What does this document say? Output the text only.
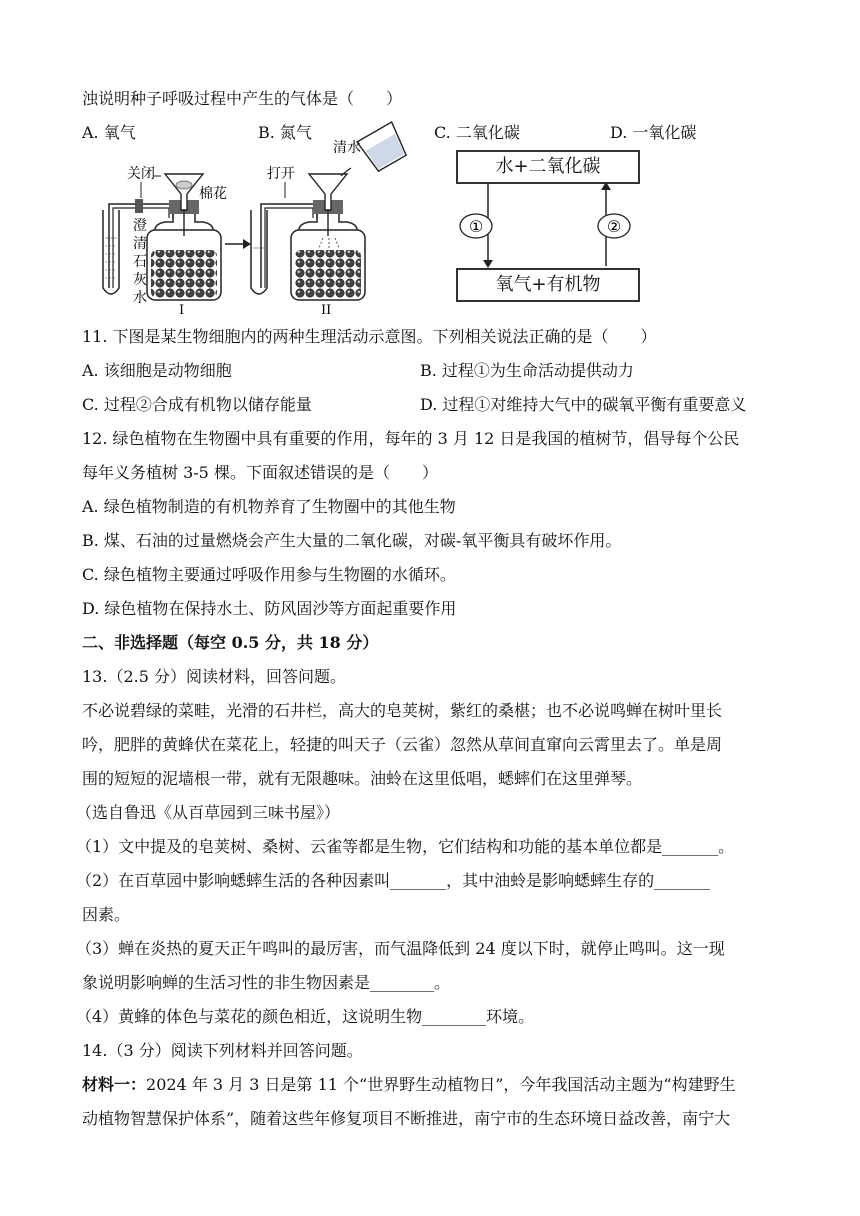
浊说明种子呼吸过程中产生的气体是（　　）
A. 氧气	B. 氮气	C. 二氧化碳	D. 一氧化碳
关闭
棉花
澄
清
石
灰
水
I
打开
清水
II
水+二氧化碳
氧气+有机物
①	②
11. 下图是某生物细胞内的两种生理活动示意图。下列相关说法正确的是（　　）
A. 该细胞是动物细胞	B. 过程①为生命活动提供动力
C. 过程②合成有机物以储存能量	D. 过程①对维持大气中的碳氧平衡有重要意义
12. 绿色植物在生物圈中具有重要的作用，每年的 3 月 12 日是我国的植树节，倡导每个公民
每年义务植树 3-5 棵。下面叙述错误的是（　　）
A. 绿色植物制造的有机物养育了生物圈中的其他生物
B. 煤、石油的过量燃烧会产生大量的二氧化碳，对碳-氧平衡具有破坏作用。
C. 绿色植物主要通过呼吸作用参与生物圈的水循环。
D. 绿色植物在保持水土、防风固沙等方面起重要作用
二、非选择题（每空 0.5 分，共 18 分）
13.（2.5 分）阅读材料，回答问题。
不必说碧绿的菜畦，光滑的石井栏，高大的皂荚树，紫红的桑椹；也不必说鸣蝉在树叶里长
吟，肥胖的黄蜂伏在菜花上，轻捷的叫天子（云雀）忽然从草间直窜向云霄里去了。单是周
围的短短的泥墙根一带，就有无限趣味。油蛉在这里低唱，蟋蟀们在这里弹琴。
（选自鲁迅《从百草园到三味书屋》）
（1）文中提及的皂荚树、桑树、云雀等都是生物，它们结构和功能的基本单位都是_______。
（2）在百草园中影响蟋蟀生活的各种因素叫_______，其中油蛉是影响蟋蟀生存的_______
因素。
（3）蝉在炎热的夏天正午鸣叫的最厉害，而气温降低到 24 度以下时，就停止鸣叫。这一现
象说明影响蝉的生活习性的非生物因素是________。
（4）黄蜂的体色与菜花的颜色相近，这说明生物________环境。
14.（3 分）阅读下列材料并回答问题。
材料一：2024 年 3 月 3 日是第 11 个“世界野生动植物日”，今年我国活动主题为“构建野生
动植物智慧保护体系”，随着这些年修复项目不断推进，南宁市的生态环境日益改善，南宁大
